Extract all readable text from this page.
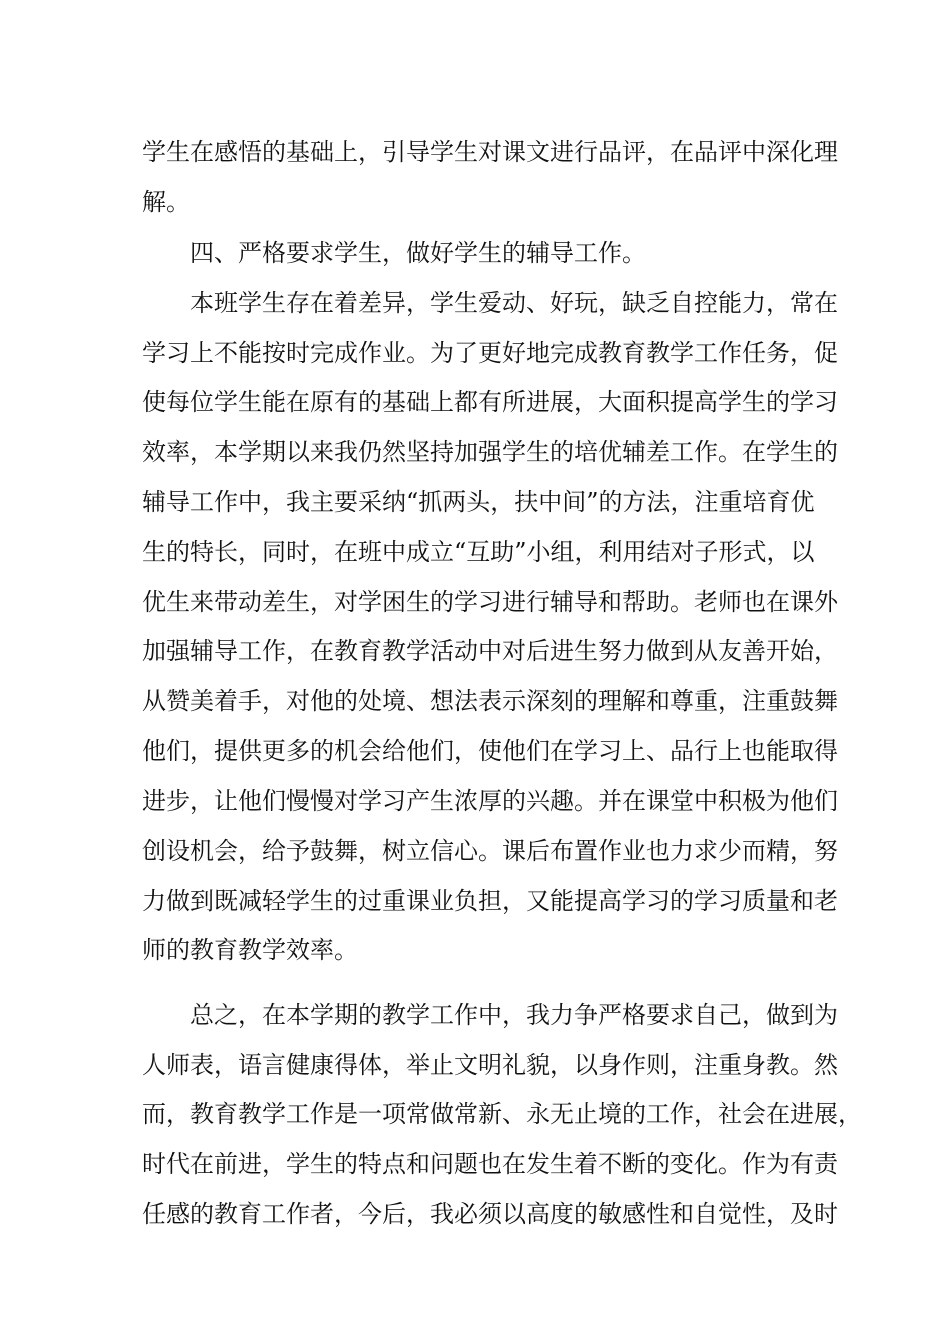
学生在感悟的基础上，引导学生对课文进行品评，在品评中深化理

解。

四、严格要求学生，做好学生的辅导工作。

本班学生存在着差异，学生爱动、好玩，缺乏自控能力，常在

学习上不能按时完成作业。为了更好地完成教育教学工作任务，促

使每位学生能在原有的基础上都有所进展，大面积提高学生的学习

效率，本学期以来我仍然坚持加强学生的培优辅差工作。在学生的

辅导工作中，我主要采纳“抓两头，扶中间”的方法，注重培育优

生的特长，同时，在班中成立“互助”小组，利用结对子形式，以

优生来带动差生，对学困生的学习进行辅导和帮助。老师也在课外

加强辅导工作，在教育教学活动中对后进生努力做到从友善开始，

从赞美着手，对他的处境、想法表示深刻的理解和尊重，注重鼓舞

他们，提供更多的机会给他们，使他们在学习上、品行上也能取得

进步，让他们慢慢对学习产生浓厚的兴趣。并在课堂中积极为他们

创设机会，给予鼓舞，树立信心。课后布置作业也力求少而精，努

力做到既减轻学生的过重课业负担，又能提高学习的学习质量和老

师的教育教学效率。

总之，在本学期的教学工作中，我力争严格要求自己，做到为

人师表，语言健康得体，举止文明礼貌，以身作则，注重身教。然

而，教育教学工作是一项常做常新、永无止境的工作，社会在进展，

时代在前进，学生的特点和问题也在发生着不断的变化。作为有责

任感的教育工作者，今后，我必须以高度的敏感性和自觉性，及时
